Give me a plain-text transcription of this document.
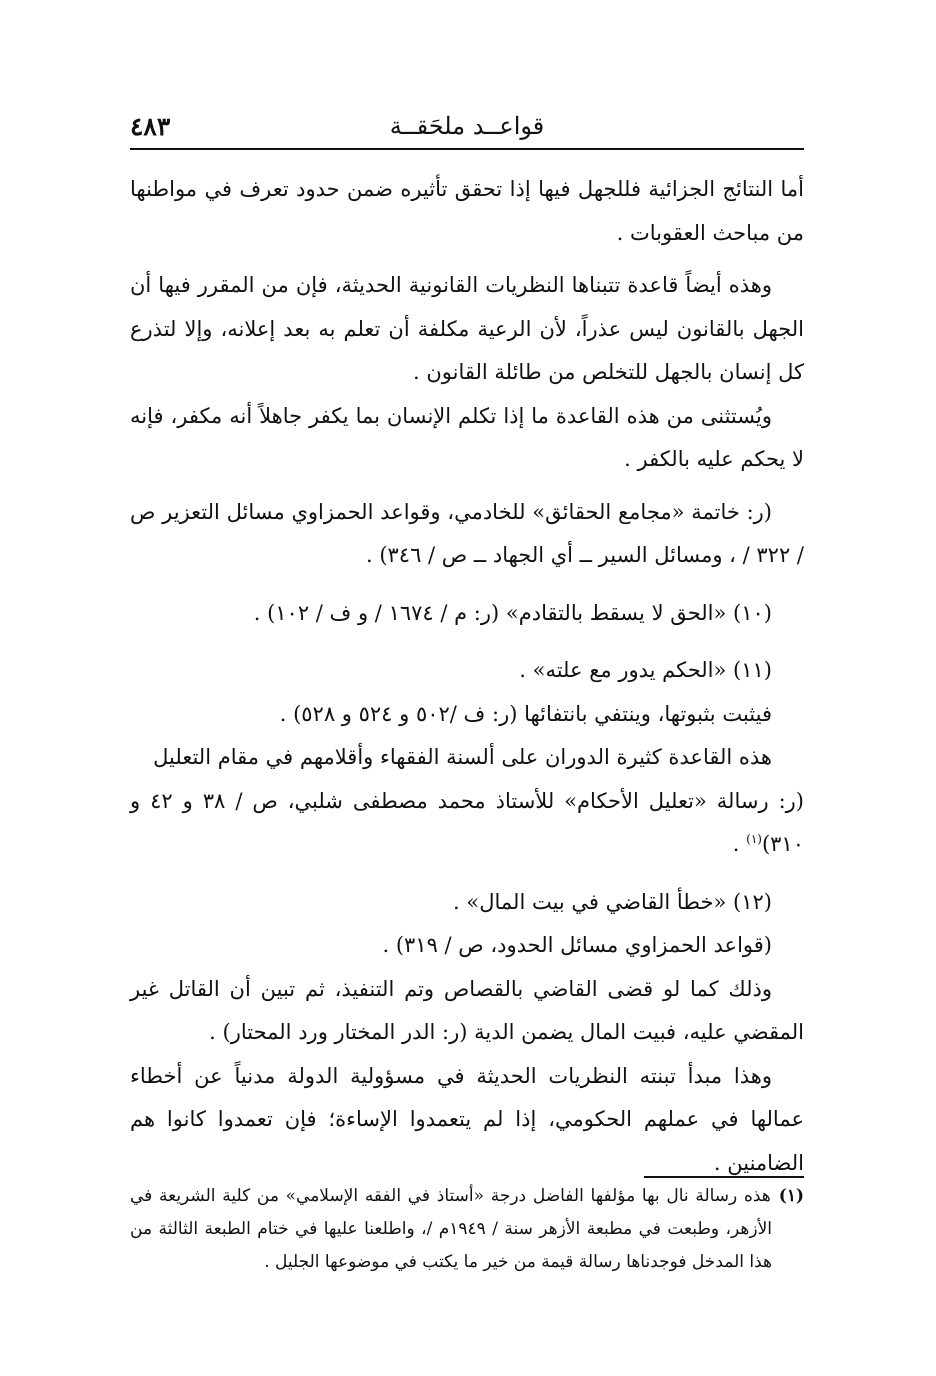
٤٨٣	قواعــد ملحَقــة

أما النتائج الجزائية فللجهل فيها إذا تحقق تأثيره ضمن حدود تعرف في مواطنها من مباحث العقوبات .

وهذه أيضاً قاعدة تتبناها النظريات القانونية الحديثة، فإن من المقرر فيها أن الجهل بالقانون ليس عذراً، لأن الرعية مكلفة أن تعلم به بعد إعلانه، وإلا لتذرع كل إنسان بالجهل للتخلص من طائلة القانون .

ويُستثنى من هذه القاعدة ما إذا تكلم الإنسان بما يكفر جاهلاً أنه مكفر، فإنه لا يحكم عليه بالكفر .

(ر: خاتمة «مجامع الحقائق» للخادمي، وقواعد الحمزاوي مسائل التعزير ص / ٣٢٢ / ، ومسائل السير ــ أي الجهاد ــ ص / ٣٤٦) .

(١٠) «الحق لا يسقط بالتقادم» (ر: م / ١٦٧٤ / و ف / ١٠٢) .

(١١) «الحكم يدور مع علته» .

فيثبت بثبوتها، وينتفي بانتفائها (ر: ف /٥٠٢ و ٥٢٤ و ٥٢٨) .

هذه القاعدة كثيرة الدوران على ألسنة الفقهاء وأقلامهم في مقام التعليل

(ر: رسالة «تعليل الأحكام» للأستاذ محمد مصطفى شلبي، ص / ٣٨ و ٤٢ و ٣١٠)$^{(١)}$ .

(١٢) «خطأ القاضي في بيت المال» .

(قواعد الحمزاوي مسائل الحدود، ص / ٣١٩) .

وذلك كما لو قضى القاضي بالقصاص وتم التنفيذ، ثم تبين أن القاتل غير المقضي عليه، فبيت المال يضمن الدية (ر: الدر المختار ورد المحتار) .

وهذا مبدأ تبنته النظريات الحديثة في مسؤولية الدولة مدنياً عن أخطاء عمالها في عملهم الحكومي، إذا لم يتعمدوا الإساءة؛ فإن تعمدوا كانوا هم الضامنين .

(١)هذه رسالة نال بها مؤلفها الفاضل درجة «أستاذ في الفقه الإسلامي» من كلية الشريعة في الأزهر، وطبعت في مطبعة الأزهر سنة / ١٩٤٩م /، واطلعنا عليها في ختام الطبعة الثالثة من هذا المدخل فوجدناها رسالة قيمة من خير ما يكتب في موضوعها الجليل .
